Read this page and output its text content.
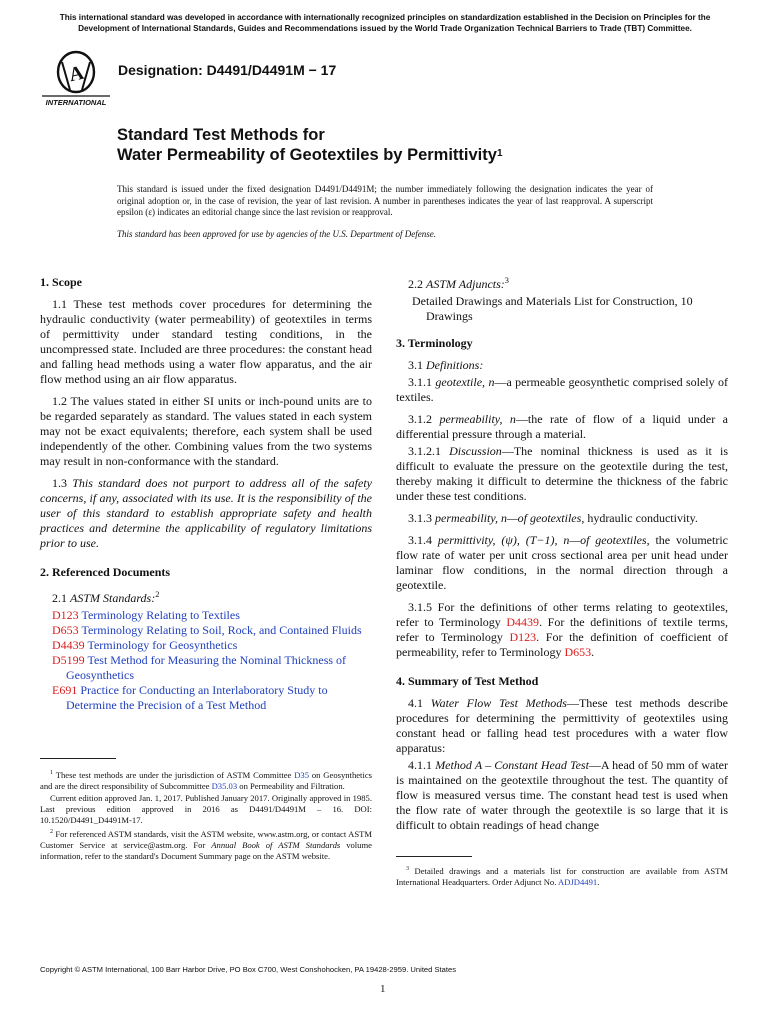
This international standard was developed in accordance with internationally recognized principles on standardization established in the Decision on Principles for the Development of International Standards, Guides and Recommendations issued by the World Trade Organization Technical Barriers to Trade (TBT) Committee.
A
INTERNATIONAL
Designation: D4491/D4491M − 17
Standard Test Methods for
Water Permeability of Geotextiles by Permittivity$^1$
This standard is issued under the fixed designation D4491/D4491M; the number immediately following the designation indicates the year of original adoption or, in the case of revision, the year of last revision. A number in parentheses indicates the year of last reapproval. A superscript epsilon (ε) indicates an editorial change since the last revision or reapproval.
This standard has been approved for use by agencies of the U.S. Department of Defense.
1. Scope

1.1 These test methods cover procedures for determining the hydraulic conductivity (water permeability) of geotextiles in terms of permittivity under standard testing conditions, in the uncompressed state. Included are three procedures: the constant head and falling head methods using a water flow apparatus, and the air flow method using an air flow apparatus.

1.2 The values stated in either SI units or inch-pound units are to be regarded separately as standard. The values stated in each system may not be exact equivalents; therefore, each system shall be used independently of the other. Combining values from the two systems may result in non-conformance with the standard.

1.3 This standard does not purport to address all of the safety concerns, if any, associated with its use. It is the responsibility of the user of this standard to establish appropriate safety and health practices and determine the applicability of regulatory limitations prior to use.

2. Referenced Documents

2.1 ASTM Standards:$^2$

D123 Terminology Relating to Textiles

D653 Terminology Relating to Soil, Rock, and Contained Fluids

D4439 Terminology for Geosynthetics

D5199 Test Method for Measuring the Nominal Thickness of Geosynthetics

E691 Practice for Conducting an Interlaboratory Study to Determine the Precision of a Test Method

$^1$ These test methods are under the jurisdiction of ASTM Committee D35 on Geosynthetics and are the direct responsibility of Subcommittee D35.03 on Permeability and Filtration.

Current edition approved Jan. 1, 2017. Published January 2017. Originally approved in 1985. Last previous edition approved in 2016 as D4491/D4491M – 16. DOI: 10.1520/D4491_D4491M-17.

$^2$ For referenced ASTM standards, visit the ASTM website, www.astm.org, or contact ASTM Customer Service at service@astm.org. For Annual Book of ASTM Standards volume information, refer to the standard's Document Summary page on the ASTM website.

2.2 ASTM Adjuncts:$^3$

Detailed Drawings and Materials List for Construction, 10 Drawings

3. Terminology

3.1 Definitions:

3.1.1 geotextile, n—a permeable geosynthetic comprised solely of textiles.

3.1.2 permeability, n—the rate of flow of a liquid under a differential pressure through a material.

3.1.2.1 Discussion—The nominal thickness is used as it is difficult to evaluate the pressure on the geotextile during the test, thereby making it difficult to determine the thickness of the fabric under these test conditions.

3.1.3 permeability, n—of geotextiles, hydraulic conductivity.

3.1.4 permittivity, (ψ), (T−1), n—of geotextiles, the volumetric flow rate of water per unit cross sectional area per unit head under laminar flow conditions, in the normal direction through a geotextile.

3.1.5 For the definitions of other terms relating to geotextiles, refer to Terminology D4439. For the definitions of textile terms, refer to Terminology D123. For the definition of coefficient of permeability, refer to Terminology D653.

4. Summary of Test Method

4.1 Water Flow Test Methods—These test methods describe procedures for determining the permittivity of geotextiles using constant head or falling head test procedures with a water flow apparatus:

4.1.1 Method A – Constant Head Test—A head of 50 mm of water is maintained on the geotextile throughout the test. The quantity of flow is measured versus time. The constant head test is used when the flow rate of water through the geotextile is so large that it is difficult to obtain readings of head change

$^3$ Detailed drawings and a materials list for construction are available from ASTM International Headquarters. Order Adjunct No. ADJD4491.

Copyright © ASTM International, 100 Barr Harbor Drive, PO Box C700, West Conshohocken, PA 19428-2959. United States
1
